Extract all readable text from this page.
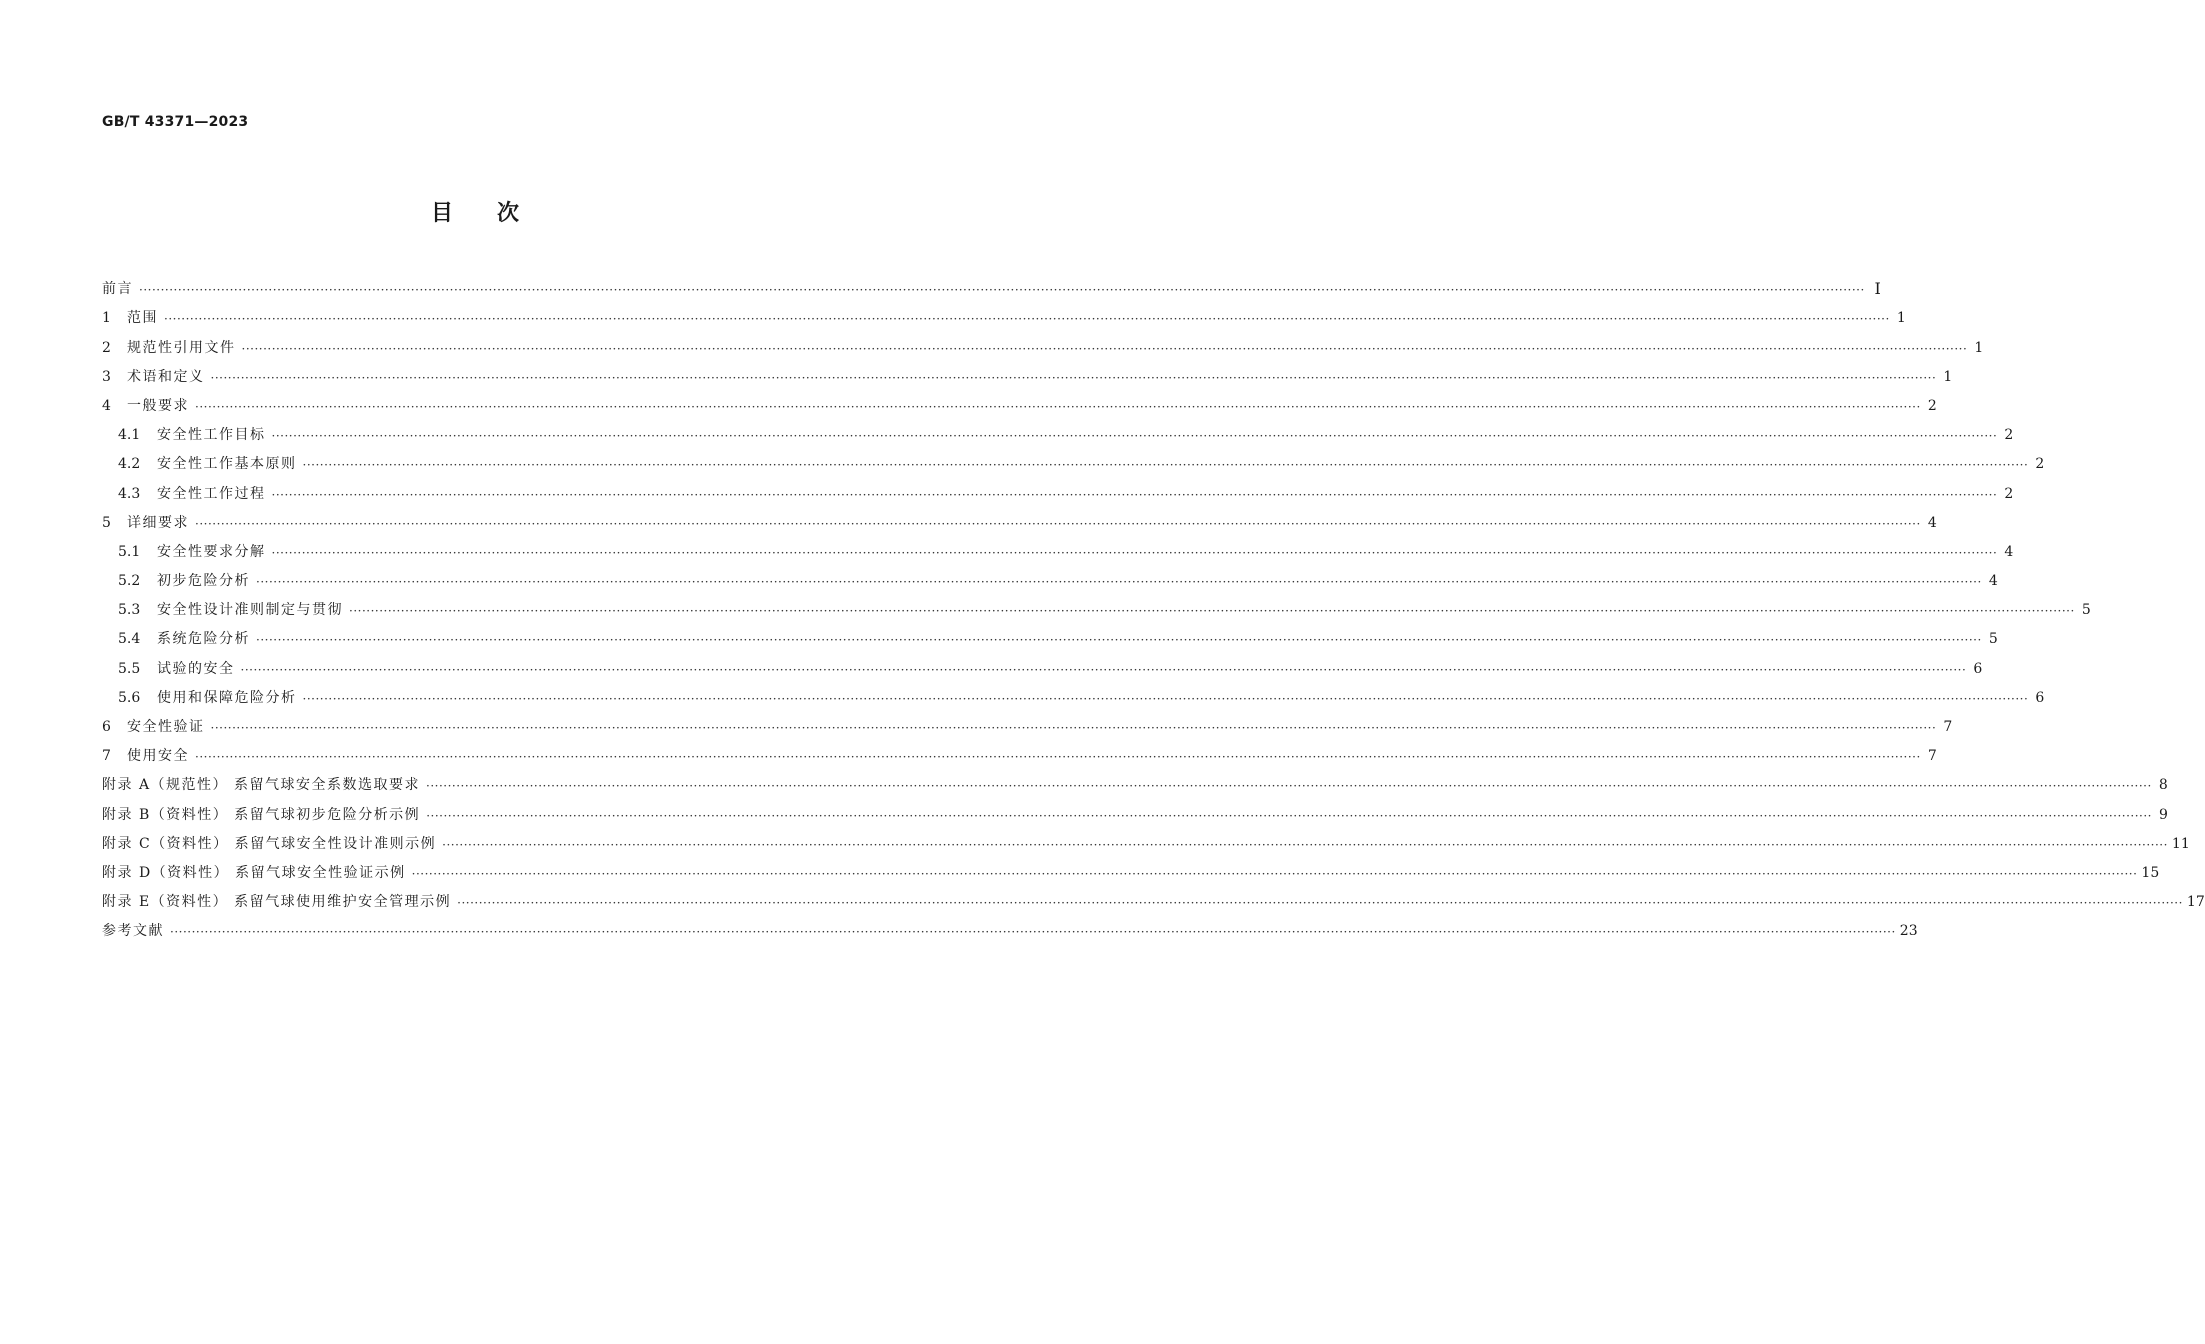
GB/T 43371—2023
目次
前言 ················································································································································································································································································································································································································ Ⅰ
1	范围 ················································································································································································································································································································································································································ 1
2	规范性引用文件 ················································································································································································································································································································································································································ 1
3	术语和定义 ················································································································································································································································································································································································································ 1
4	一般要求 ················································································································································································································································································································································································································ 2
4.1	安全性工作目标 ················································································································································································································································································································································································································ 2
4.2	安全性工作基本原则 ················································································································································································································································································································································································································ 2
4.3	安全性工作过程 ················································································································································································································································································································································································································ 2
5	详细要求 ················································································································································································································································································································································································································ 4
5.1	安全性要求分解 ················································································································································································································································································································································································································ 4
5.2	初步危险分析 ················································································································································································································································································································································································································ 4
5.3	安全性设计准则制定与贯彻 ················································································································································································································································································································································································································ 5
5.4	系统危险分析 ················································································································································································································································································································································································································ 5
5.5	试验的安全 ················································································································································································································································································································································································································ 6
5.6	使用和保障危险分析 ················································································································································································································································································································································································································ 6
6	安全性验证 ················································································································································································································································································································································································································ 7
7	使用安全 ················································································································································································································································································································································································································ 7
附录 A（规范性） 系留气球安全系数选取要求 ················································································································································································································································································································································································································ 8
附录 B（资料性） 系留气球初步危险分析示例 ················································································································································································································································································································································································································ 9
附录 C（资料性） 系留气球安全性设计准则示例 ················································································································································································································································································································································································································ 11
附录 D（资料性） 系留气球安全性验证示例 ················································································································································································································································································································································································································ 15
附录 E（资料性） 系留气球使用维护安全管理示例 ················································································································································································································································································································································································································ 17
参考文献 ················································································································································································································································································································································································································ 23
